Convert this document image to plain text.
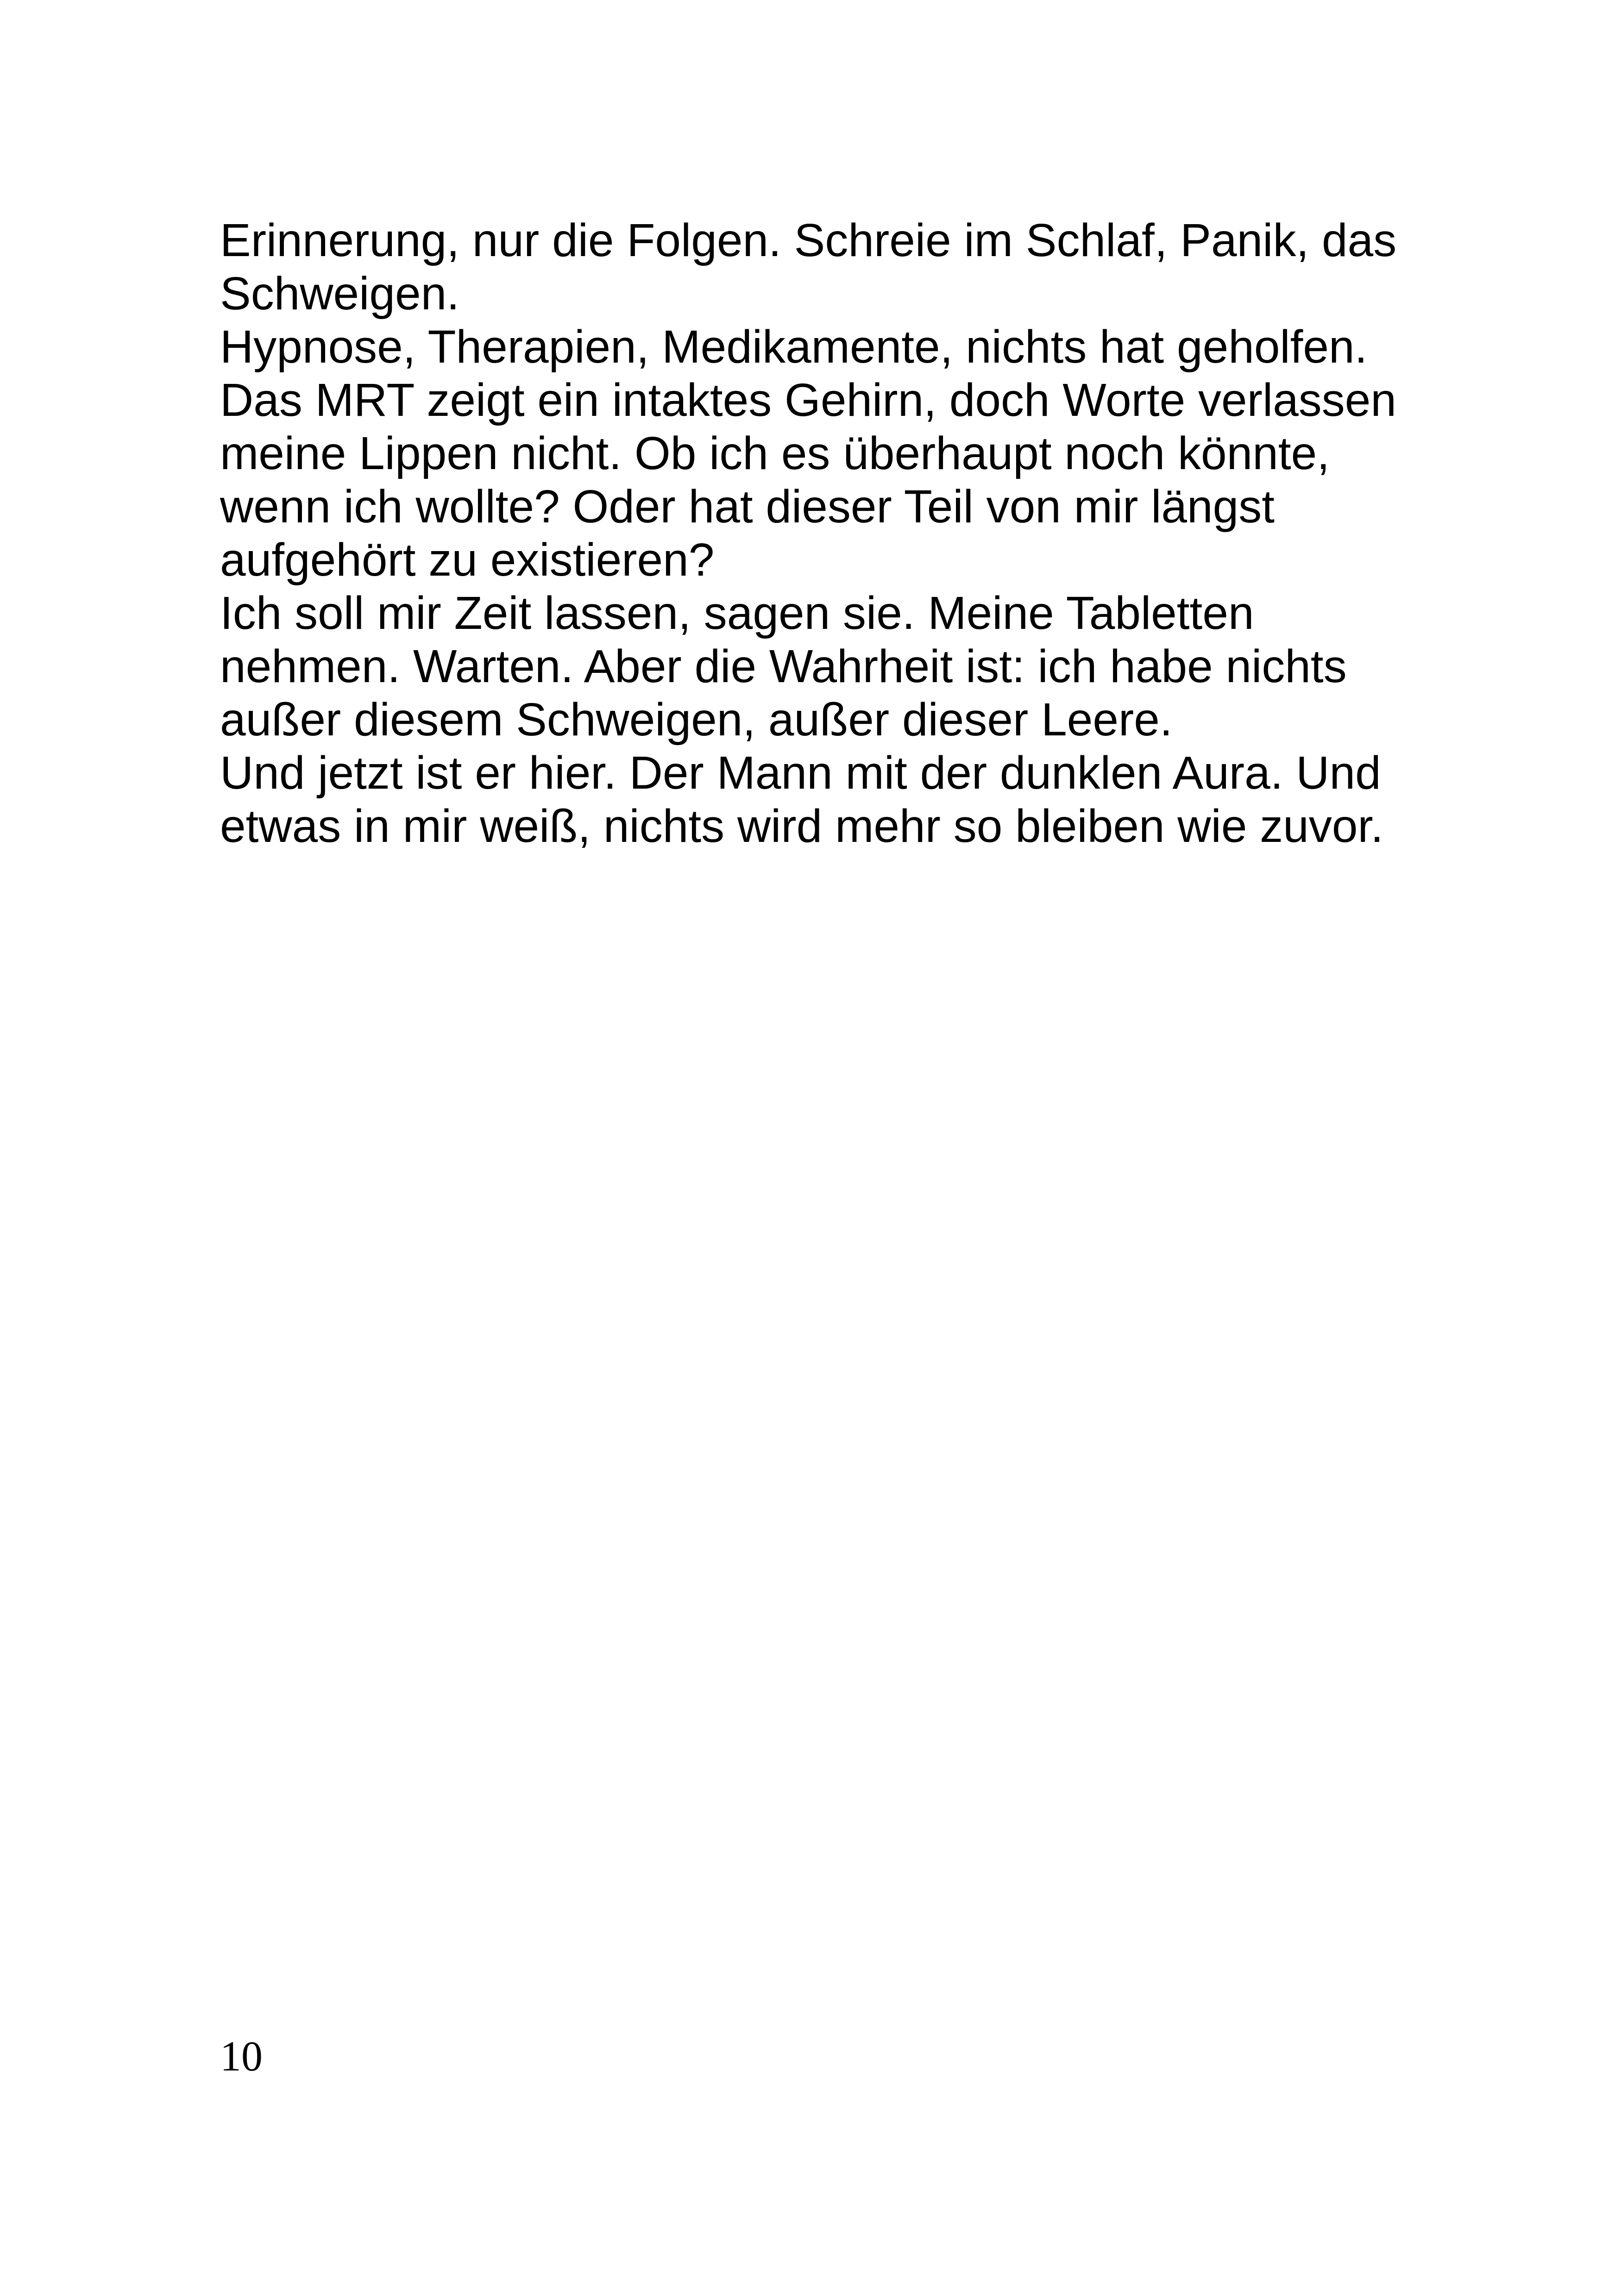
Erinnerung, nur die Folgen. Schreie im Schlaf, Panik, das
Schweigen.
Hypnose, Therapien, Medikamente, nichts hat geholfen.
Das MRT zeigt ein intaktes Gehirn, doch Worte verlassen
meine Lippen nicht. Ob ich es überhaupt noch könnte,
wenn ich wollte? Oder hat dieser Teil von mir längst
aufgehört zu existieren?
Ich soll mir Zeit lassen, sagen sie. Meine Tabletten
nehmen. Warten. Aber die Wahrheit ist: ich habe nichts
außer diesem Schweigen, außer dieser Leere.
Und jetzt ist er hier. Der Mann mit der dunklen Aura. Und
etwas in mir weiß, nichts wird mehr so bleiben wie zuvor.
10
